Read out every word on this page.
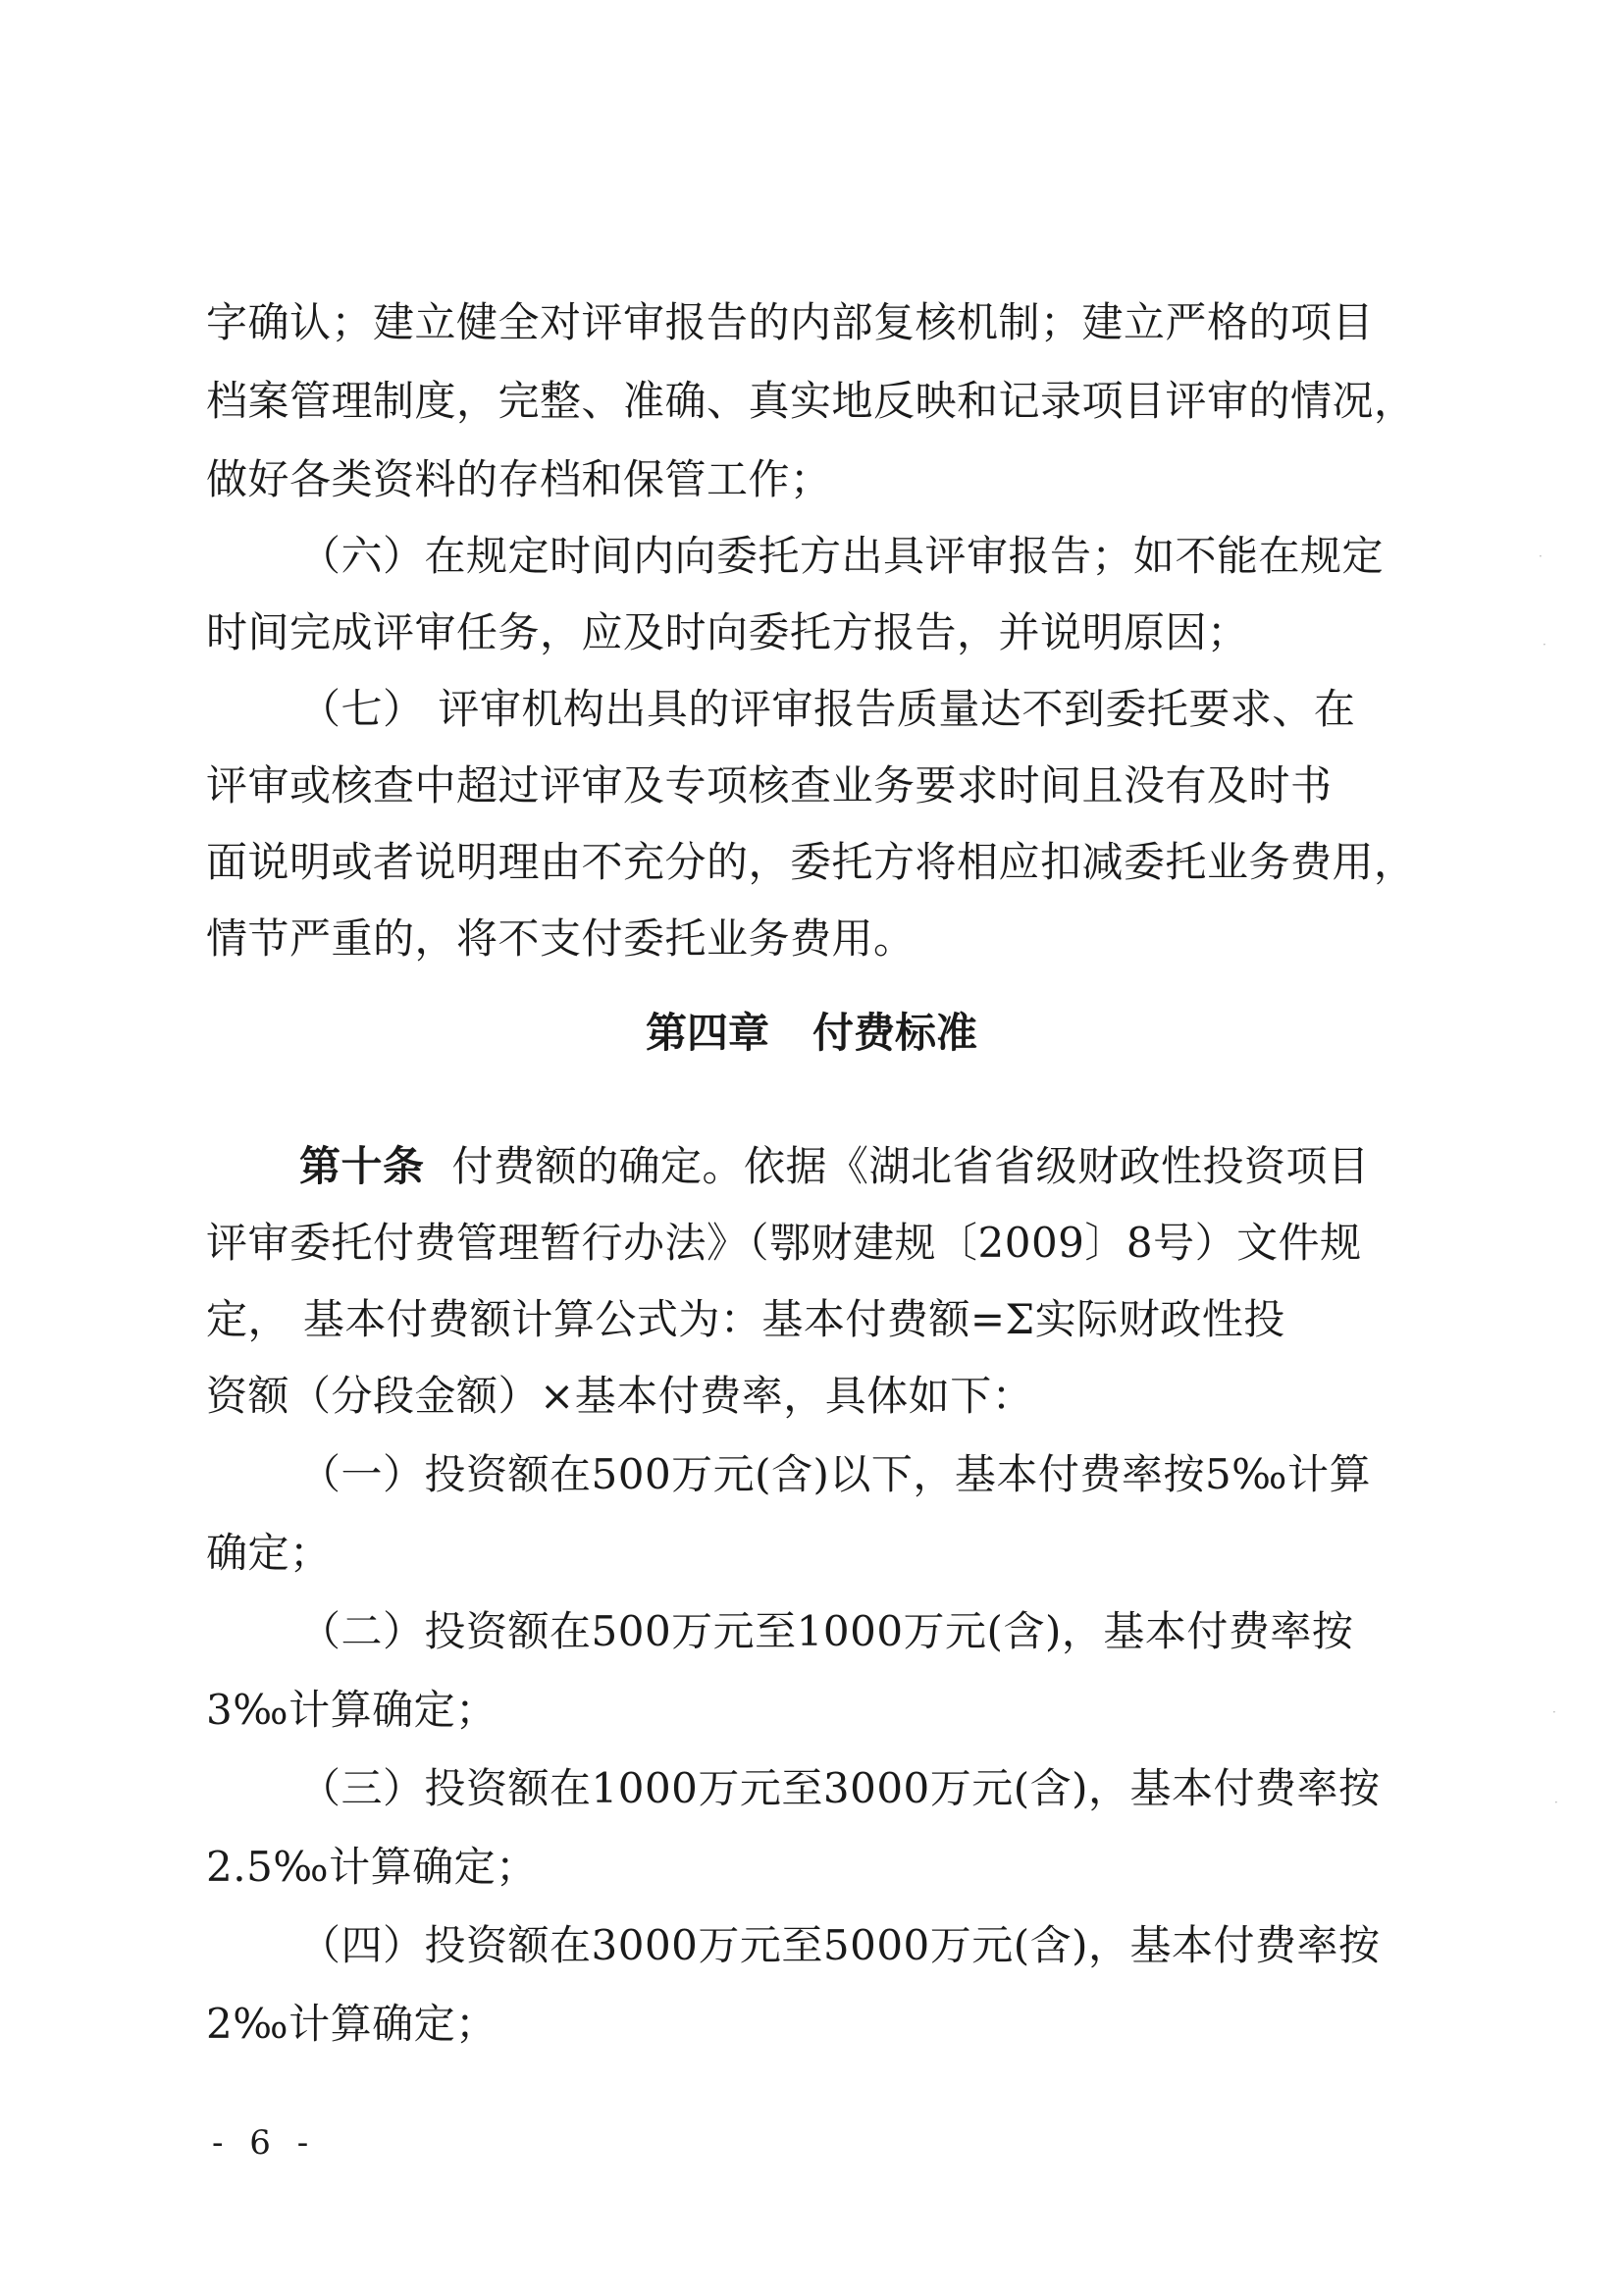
字确认；建立健全对评审报告的内部复核机制；建立严格的项目
档案管理制度，完整、准确、真实地反映和记录项目评审的情况，
做好各类资料的存档和保管工作；
（六）在规定时间内向委托方出具评审报告；如不能在规定
时间完成评审任务，应及时向委托方报告，并说明原因；
（七） 评审机构出具的评审报告质量达不到委托要求、在
评审或核查中超过评审及专项核查业务要求时间且没有及时书
面说明或者说明理由不充分的，委托方将相应扣减委托业务费用，
情节严重的，将不支付委托业务费用。
第四章 付费标准
第十条 付费额的确定。依据《湖北省省级财政性投资项目
评审委托付费管理暂行办法》（鄂财建规〔2009〕8号）文件规
定， 基本付费额计算公式为：基本付费额=Σ实际财政性投
资额（分段金额）×基本付费率，具体如下：
（一）投资额在500万元(含)以下，基本付费率按5‰计算
确定；
（二）投资额在500万元至1000万元(含)，基本付费率按
3‰计算确定；
（三）投资额在1000万元至3000万元(含)，基本付费率按
2.5‰计算确定；
（四）投资额在3000万元至5000万元(含)，基本付费率按
2‰计算确定；
- 6 -
·
·
·
·
